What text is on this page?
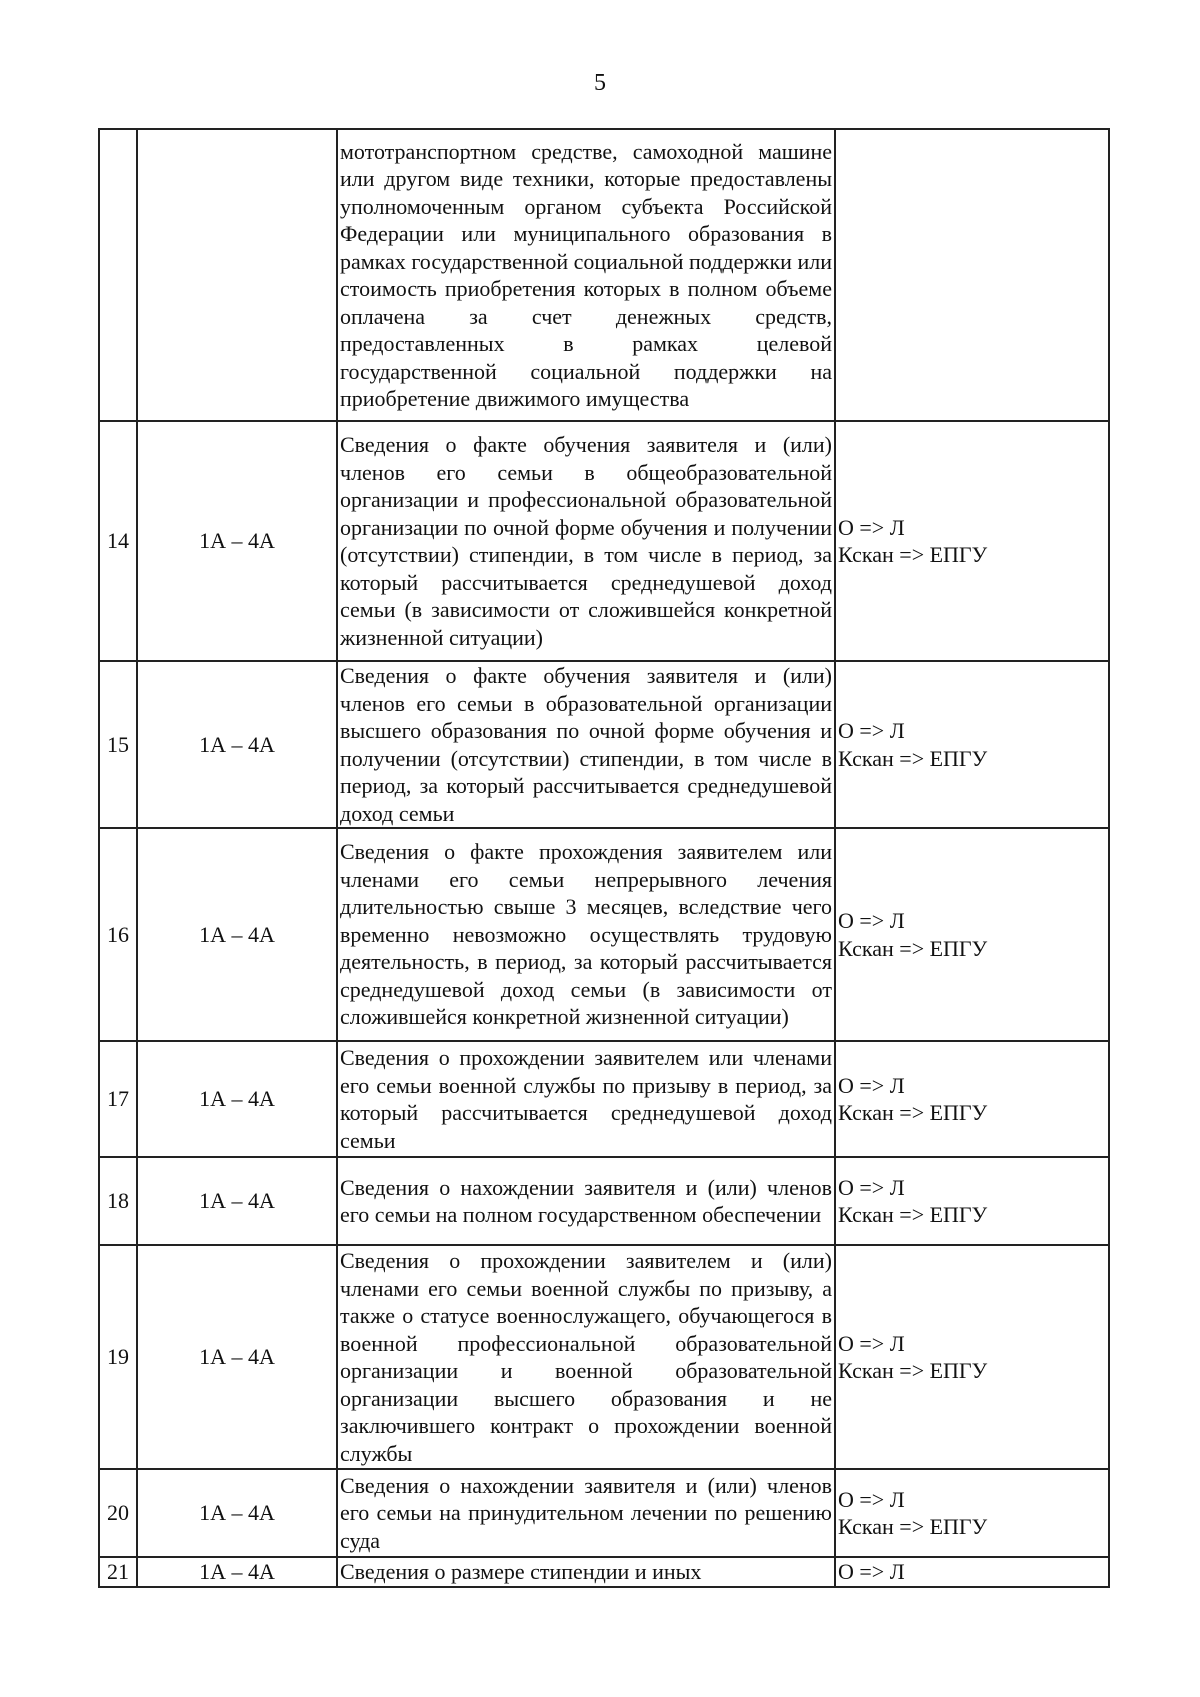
5
		мототранспортном средстве, самоходной машине или другом виде техники, которые предоставлены уполномоченным органом субъекта Российской Федерации или муниципального образования в рамках государственной социальной поддержки или стоимость приобретения которых в полном объеме оплачена за счет денежных средств, предоставленных в рамках целевой государственной социальной поддержки на приобретение движимого имущества	

14	1А – 4А	Сведения о факте обучения заявителя и (или) членов его семьи в общеобразовательной организации и профессиональной образовательной организации по очной форме обучения и получении (отсутствии) стипендии, в том числе в период, за который рассчитывается среднедушевой доход семьи (в зависимости от сложившейся конкретной жизненной ситуации)	О => Л
Кскан => ЕПГУ

15	1А – 4А	Сведения о факте обучения заявителя и (или) членов его семьи в образовательной организации высшего образования по очной форме обучения и получении (отсутствии) стипендии, в том числе в период, за который рассчитывается среднедушевой доход семьи	О => Л
Кскан => ЕПГУ

16	1А – 4А	Сведения о факте прохождения заявителем или членами его семьи непрерывного лечения длительностью свыше 3 месяцев, вследствие чего временно невозможно осуществлять трудовую деятельность, в период, за который рассчитывается среднедушевой доход семьи (в зависимости от сложившейся конкретной жизненной ситуации)	О => Л
Кскан => ЕПГУ

17	1А – 4А	Сведения о прохождении заявителем или членами его семьи военной службы по призыву в период, за который рассчитывается среднедушевой доход семьи	О => Л
Кскан => ЕПГУ

18	1А – 4А	Сведения о нахождении заявителя и (или) членов его семьи на полном государственном обеспечении	О => Л
Кскан => ЕПГУ

19	1А – 4А	Сведения о прохождении заявителем и (или) членами его семьи военной службы по призыву, а также о статусе военнослужащего, обучающегося в военной профессиональной образовательной организации и военной образовательной организации высшего образования и не заключившего контракт о прохождении военной службы	О => Л
Кскан => ЕПГУ

20	1А – 4А	Сведения о нахождении заявителя и (или) членов его семьи на принудительном лечении по решению суда	О => Л
Кскан => ЕПГУ

21	1А – 4А	Сведения о размере стипендии и иных	О => Л
